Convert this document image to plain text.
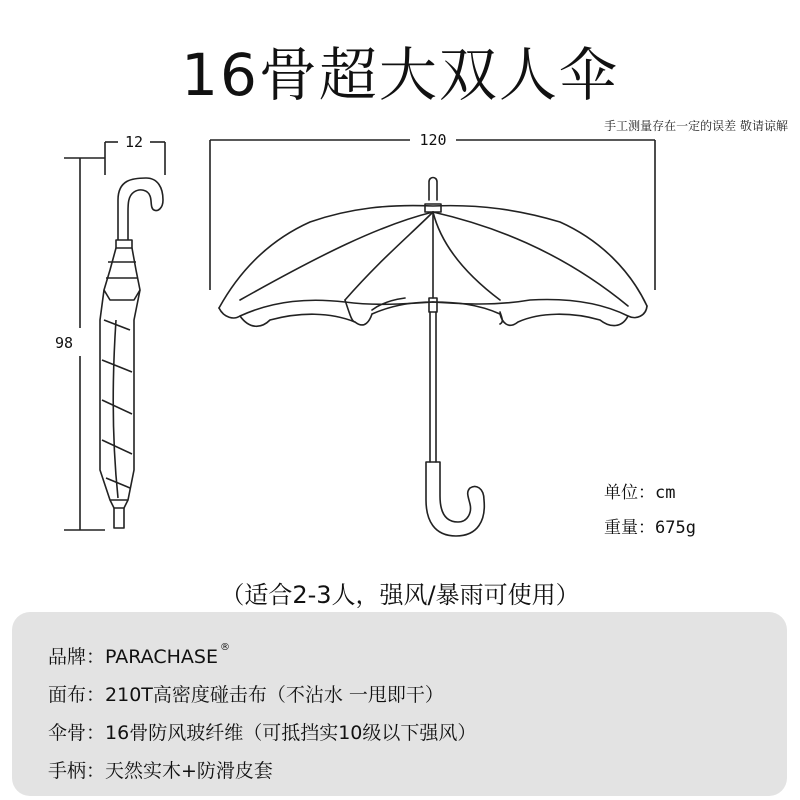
16骨超大双人伞
手工测量存在一定的误差 敬请谅解
12	120
98
单位：cm
重量：675g
（适合2-3人，强风/暴雨可使用）
品牌：PARACHASE ®
面布：210T高密度碰击布（不沾水 一甩即干）
伞骨：16骨防风玻纤维（可抵挡实10级以下强风）
手柄：天然实木+防滑皮套
